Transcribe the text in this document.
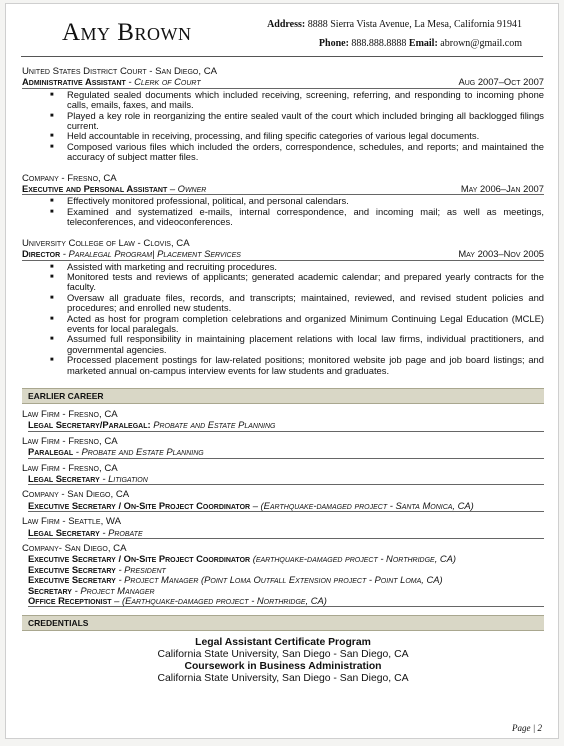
Amy Brown	Address: 8888 Sierra Vista Avenue, La Mesa, California 91941
Phone: 888.888.8888 Email: abrown@gmail.com
United States District Court - San Diego, CA
Administrative Assistant - Clerk of Court	Aug 2007–Oct 2007
■ Regulated sealed documents which included receiving, screening, referring, and responding to incoming phone calls, emails, faxes, and mails.
■ Played a key role in reorganizing the entire sealed vault of the court which included bringing all backlogged filings current.
■ Held accountable in receiving, processing, and filing specific categories of various legal documents.
■ Composed various files which included the orders, correspondence, schedules, and reports; and maintained the accuracy of subject matter files.
Company - Fresno, CA
Executive and Personal Assistant – Owner	May 2006–Jan 2007
■ Effectively monitored professional, political, and personal calendars.
■ Examined and systematized e-mails, internal correspondence, and incoming mail; as well as meetings, teleconferences, and videoconferences.
University College of Law - Clovis, CA
Director - Paralegal Program| Placement Services	May 2003–Nov 2005
■ Assisted with marketing and recruiting procedures.
■ Monitored tests and reviews of applicants; generated academic calendar; and prepared yearly contracts for the faculty.
■ Oversaw all graduate files, records, and transcripts; maintained, reviewed, and revised student policies and procedures; and enrolled new students.
■ Acted as host for program completion celebrations and organized Minimum Continuing Legal Education (MCLE) events for local paralegals.
■ Assumed full responsibility in maintaining placement relations with local law firms, individual practitioners, and governmental agencies.
■ Processed placement postings for law-related positions; monitored website job page and job board listings; and marketed annual on-campus interview events for law students and graduates.
EARLIER CAREER
Law Firm - Fresno, CA
Legal Secretary/Paralegal: Probate and Estate Planning
Law Firm - Fresno, CA
Paralegal - Probate and Estate Planning
Law Firm - Fresno, CA
Legal Secretary - Litigation
Company - San Diego, CA
Executive Secretary / On-Site Project Coordinator – (Earthquake-damaged project - Santa Monica, CA)
Law Firm - Seattle, WA
Legal Secretary - Probate
Company- San Diego, CA
Executive Secretary / On-Site Project Coordinator (earthquake-damaged project - Northridge, CA)
Executive Secretary - President
Executive Secretary - Project Manager (Point Loma Outfall Extension project - Point Loma, CA)
Secretary - Project Manager
Office Receptionist – (Earthquake-damaged project - Northridge, CA)
CREDENTIALS
Legal Assistant Certificate Program
California State University, San Diego - San Diego, CA
Coursework in Business Administration
California State University, San Diego - San Diego, CA
Page | 2
